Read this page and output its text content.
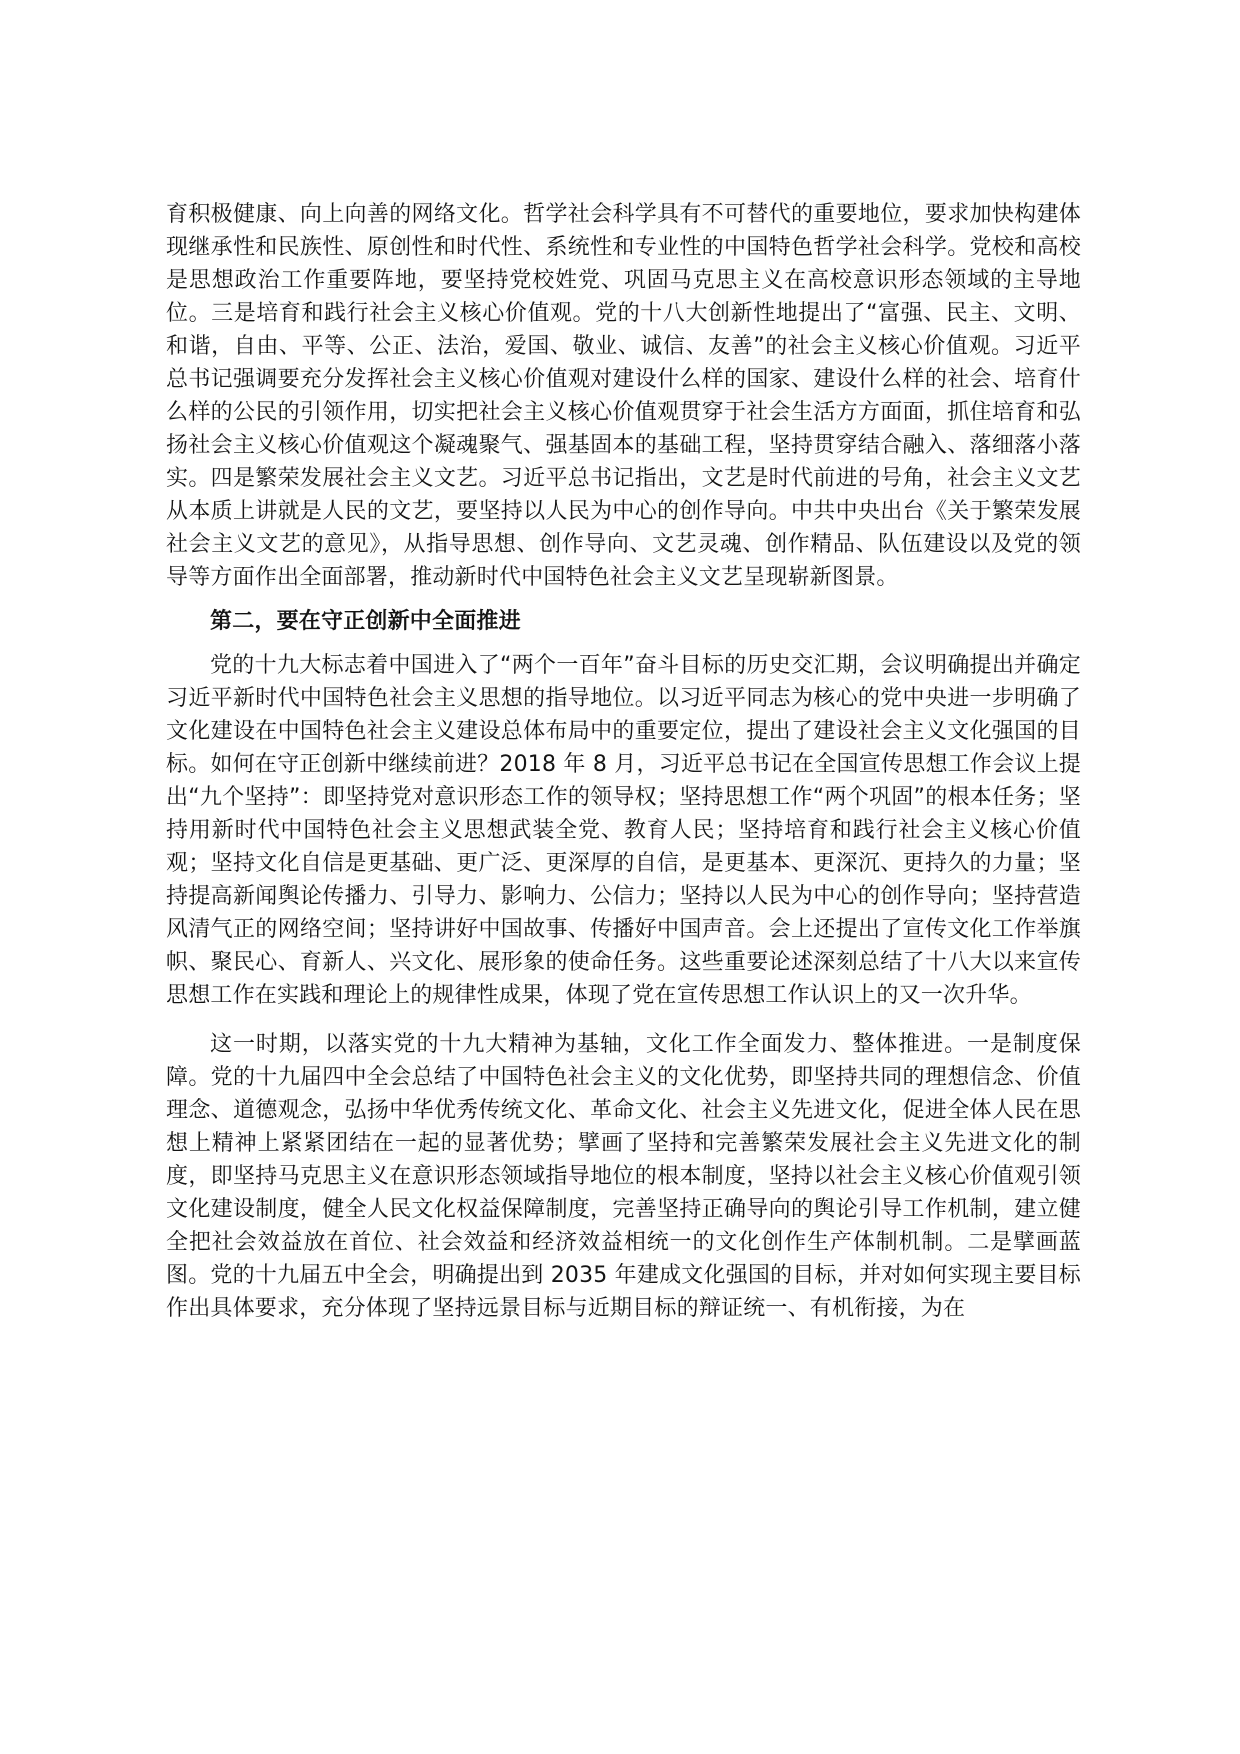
育积极健康、向上向善的网络文化。哲学社会科学具有不可替代的重要地位，要求加快构建体现继承性和民族性、原创性和时代性、系统性和专业性的中国特色哲学社会科学。党校和高校是思想政治工作重要阵地，要坚持党校姓党、巩固马克思主义在高校意识形态领域的主导地位。三是培育和践行社会主义核心价值观。党的十八大创新性地提出了“富强、民主、文明、和谐，自由、平等、公正、法治，爱国、敬业、诚信、友善”的社会主义核心价值观。习近平总书记强调要充分发挥社会主义核心价值观对建设什么样的国家、建设什么样的社会、培育什么样的公民的引领作用，切实把社会主义核心价值观贯穿于社会生活方方面面，抓住培育和弘扬社会主义核心价值观这个凝魂聚气、强基固本的基础工程，坚持贯穿结合融入、落细落小落实。四是繁荣发展社会主义文艺。习近平总书记指出，文艺是时代前进的号角，社会主义文艺从本质上讲就是人民的文艺，要坚持以人民为中心的创作导向。中共中央出台《关于繁荣发展社会主义文艺的意见》，从指导思想、创作导向、文艺灵魂、创作精品、队伍建设以及党的领导等方面作出全面部署，推动新时代中国特色社会主义文艺呈现崭新图景。

第二，要在守正创新中全面推进

党的十九大标志着中国进入了“两个一百年”奋斗目标的历史交汇期，会议明确提出并确定习近平新时代中国特色社会主义思想的指导地位。以习近平同志为核心的党中央进一步明确了文化建设在中国特色社会主义建设总体布局中的重要定位，提出了建设社会主义文化强国的目标。如何在守正创新中继续前进？2018 年 8 月，习近平总书记在全国宣传思想工作会议上提出“九个坚持”：即坚持党对意识形态工作的领导权；坚持思想工作“两个巩固”的根本任务；坚持用新时代中国特色社会主义思想武装全党、教育人民；坚持培育和践行社会主义核心价值观；坚持文化自信是更基础、更广泛、更深厚的自信，是更基本、更深沉、更持久的力量；坚持提高新闻舆论传播力、引导力、影响力、公信力；坚持以人民为中心的创作导向；坚持营造风清气正的网络空间；坚持讲好中国故事、传播好中国声音。会上还提出了宣传文化工作举旗帜、聚民心、育新人、兴文化、展形象的使命任务。这些重要论述深刻总结了十八大以来宣传思想工作在实践和理论上的规律性成果，体现了党在宣传思想工作认识上的又一次升华。

这一时期，以落实党的十九大精神为基轴，文化工作全面发力、整体推进。一是制度保障。党的十九届四中全会总结了中国特色社会主义的文化优势，即坚持共同的理想信念、价值理念、道德观念，弘扬中华优秀传统文化、革命文化、社会主义先进文化，促进全体人民在思想上精神上紧紧团结在一起的显著优势；擘画了坚持和完善繁荣发展社会主义先进文化的制度，即坚持马克思主义在意识形态领域指导地位的根本制度，坚持以社会主义核心价值观引领文化建设制度，健全人民文化权益保障制度，完善坚持正确导向的舆论引导工作机制，建立健全把社会效益放在首位、社会效益和经济效益相统一的文化创作生产体制机制。二是擘画蓝图。党的十九届五中全会，明确提出到 2035 年建成文化强国的目标，并对如何实现主要目标作出具体要求，充分体现了坚持远景目标与近期目标的辩证统一、有机衔接，为在
